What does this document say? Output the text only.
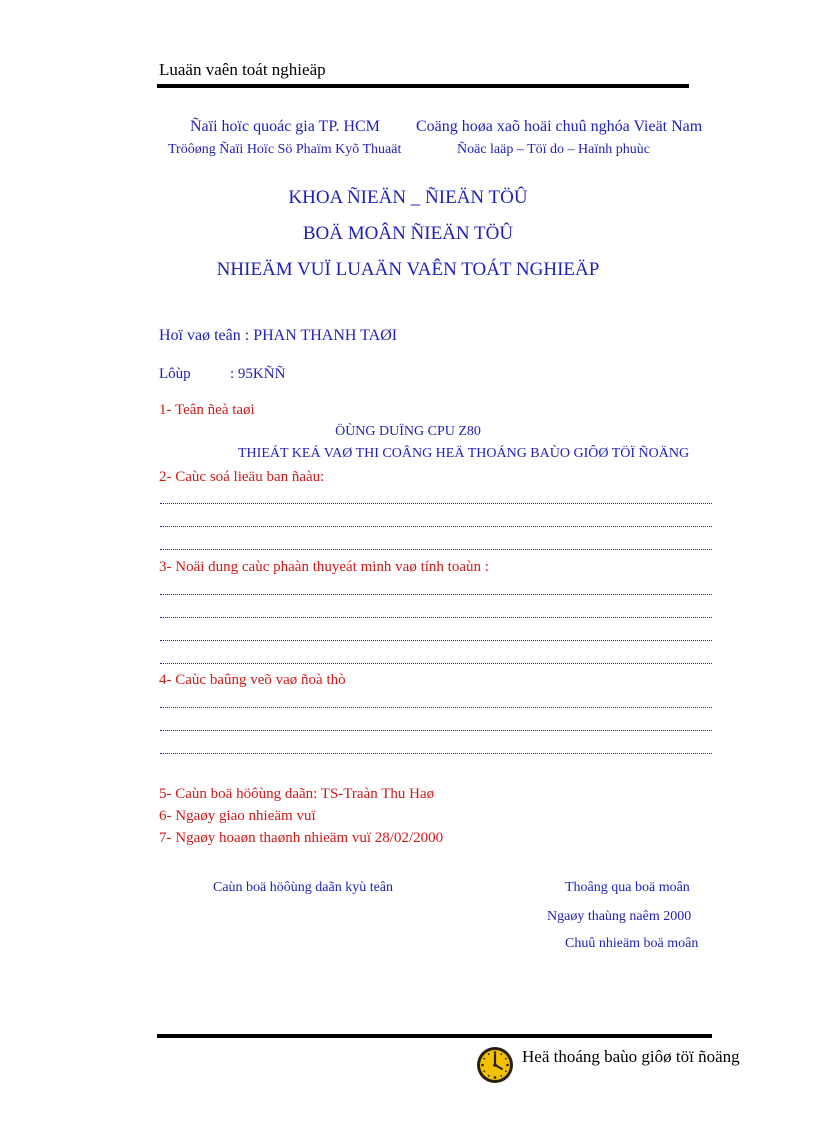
Luaän vaên toát nghieäp
Ñaïi hoïc quoác gia TP. HCM
Tröôøng Ñaïi Hoïc Sö Phaïm Kyõ Thuaät
Coäng hoøa xaõ hoäi chuû nghóa Vieät Nam
Ñoäc laäp – Töï do – Haïnh phuùc
KHOA ÑIEÄN _ ÑIEÄN TÖÛ
BOÄ MOÂN ÑIEÄN TÖÛ
NHIEÄM VUÏ LUAÄN VAÊN TOÁT NGHIEÄP
Hoï vaø teân : PHAN THANH TAØI
Lôùp	: 95KÑÑ
1- Teân ñeà taøi
ÖÙNG DUÏNG CPU Z80
THIEÁT KEÁ VAØ THI COÂNG HEÄ THOÁNG BAÙO GIÔØ TÖÏ ÑOÄNG
2- Caùc soá lieäu ban ñaàu:
3- Noäi dung caùc phaàn thuyeát minh vaø tính toaùn :
4- Caùc baûng veõ vaø ñoà thò
5- Caùn boä höôùng daãn: TS-Traàn Thu Haø
6- Ngaøy giao nhieäm vuï
7- Ngaøy hoaøn thaønh nhieäm vuï 28/02/2000
Caùn boä höôùng daãn kyù teân	Thoâng qua boä moân
Ngaøy thaùng naêm 2000
Chuû nhieäm boä moân
Heä thoáng baùo giôø töï ñoäng
